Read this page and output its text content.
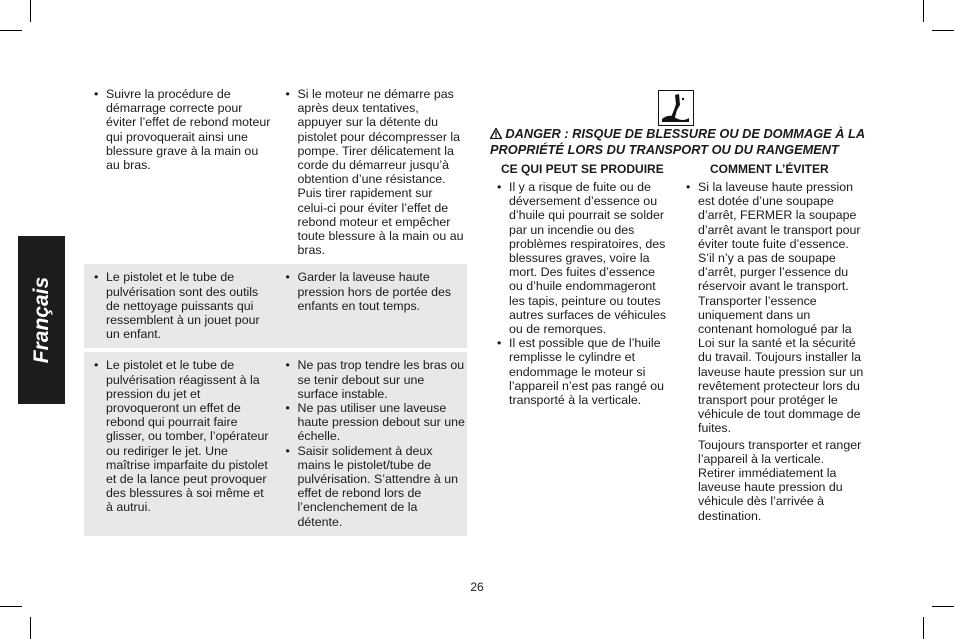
Français
• Suivre la procédure de démarrage correcte pour éviter l’effet de rebond moteur qui provoquerait ainsi une blessure grave à la main ou au bras.
• Si le moteur ne démarre pas après deux tentatives, appuyer sur la détente du pistolet pour décompresser la pompe. Tirer délicatement la corde du démarreur jusqu’à obtention d’une résistance. Puis tirer rapidement sur celui-ci pour éviter l’effet de rebond moteur et empêcher toute blessure à la main ou au bras.
• Le pistolet et le tube de pulvérisation sont des outils de nettoyage puissants qui ressemblent à un jouet pour un enfant.
• Garder la laveuse haute pression hors de portée des enfants en tout temps.
• Le pistolet et le tube de pulvérisation réagissent à la pression du jet et provoqueront un effet de rebond qui pourrait faire glisser, ou tomber, l’opérateur ou rediriger le jet. Une maîtrise imparfaite du pistolet et de la lance peut provoquer des blessures à soi même et à autrui.
• Ne pas trop tendre les bras ou se tenir debout sur une surface instable.
• Ne pas utiliser une laveuse haute pression debout sur une échelle.
• Saisir solidement à deux mains le pistolet/tube de pulvérisation. S’attendre à un effet de rebond lors de l’enclenchement de la détente.
DANGER : RISQUE DE BLESSURE OU DE DOMMAGE À LA PROPRIÉTÉ LORS DU TRANSPORT OU DU RANGEMENT
CE QUI PEUT SE PRODUIRE	COMMENT L’ÉVITER
• Il y a risque de fuite ou de déversement d’essence ou d’huile qui pourrait se solder par un incendie ou des problèmes respiratoires, des blessures graves, voire la mort. Des fuites d’essence ou d’huile endommageront les tapis, peinture ou toutes autres surfaces de véhicules ou de remorques.
• Il est possible que de l’huile remplisse le cylindre et endommage le moteur si l’appareil n’est pas rangé ou transporté à la verticale.
• Si la laveuse haute pression est dotée d’une soupape d’arrêt, FERMER la soupape d’arrêt avant le transport pour éviter toute fuite d’essence. S’il n’y a pas de soupape d’arrêt, purger l’essence du réservoir avant le transport. Transporter l’essence uniquement dans un contenant homologué par la Loi sur la santé et la sécurité du travail. Toujours installer la laveuse haute pression sur un revêtement protecteur lors du transport pour protéger le véhicule de tout dommage de fuites.

Toujours transporter et ranger l’appareil à la verticale.

Retirer immédiatement la laveuse haute pression du véhicule dès l’arrivée à destination.

26
